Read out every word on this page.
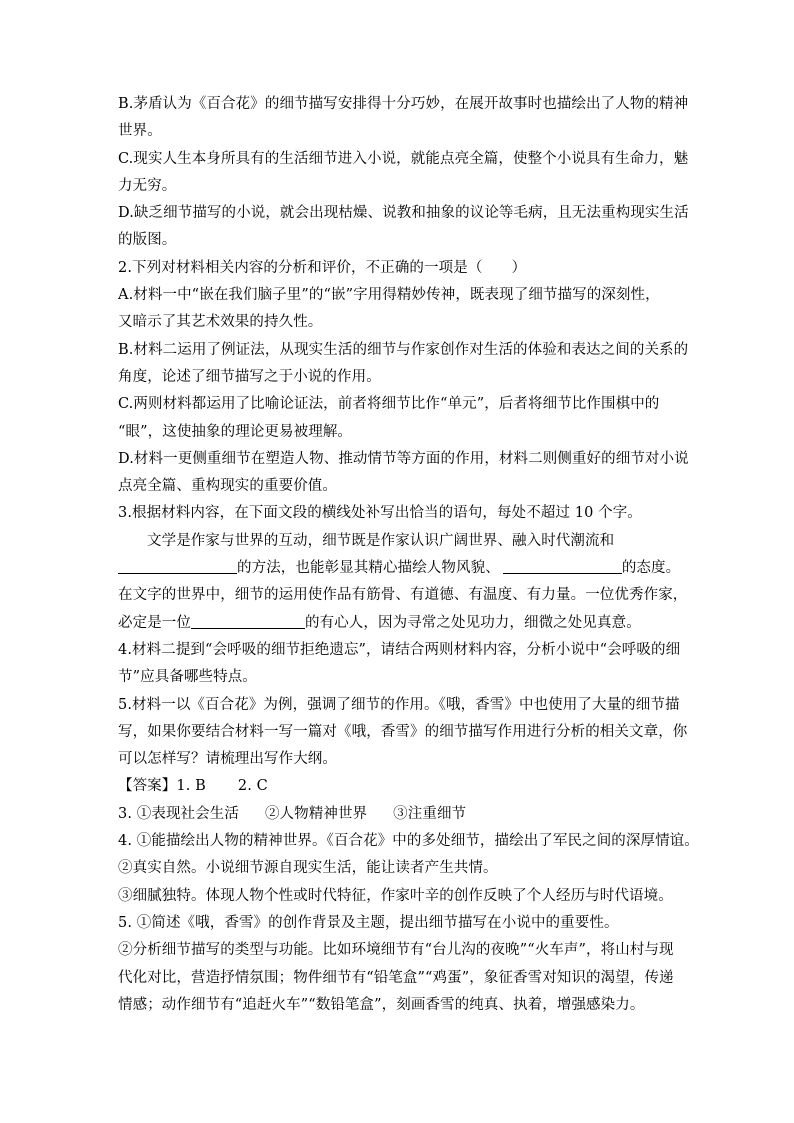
B.茅盾认为《百合花》的细节描写安排得十分巧妙，在展开故事时也描绘出了人物的精神
世界。
C.现实人生本身所具有的生活细节进入小说，就能点亮全篇，使整个小说具有生命力，魅
力无穷。
D.缺乏细节描写的小说，就会出现枯燥、说教和抽象的议论等毛病，且无法重构现实生活
的版图。
2.下列对材料相关内容的分析和评价，不正确的一项是（　　）
A.材料一中“嵌在我们脑子里”的“嵌”字用得精妙传神，既表现了细节描写的深刻性，
又暗示了其艺术效果的持久性。
B.材料二运用了例证法，从现实生活的细节与作家创作对生活的体验和表达之间的关系的
角度，论述了细节描写之于小说的作用。
C.两则材料都运用了比喻论证法，前者将细节比作“单元”，后者将细节比作围棋中的
“眼”，这使抽象的理论更易被理解。
D.材料一更侧重细节在塑造人物、推动情节等方面的作用，材料二则侧重好的细节对小说
点亮全篇、重构现实的重要价值。
3.根据材料内容，在下面文段的横线处补写出恰当的语句，每处不超过 10 个字。
文学是作家与世界的互动，细节既是作家认识广阔世界、融入时代潮流和
的方法，也能彰显其精心描绘人物风貌、	的态度。
在文字的世界中，细节的运用使作品有筋骨、有道德、有温度、有力量。一位优秀作家，
必定是一位	的有心人，因为寻常之处见功力，细微之处见真意。
4.材料二提到“会呼吸的细节拒绝遗忘”，请结合两则材料内容，分析小说中“会呼吸的细
节”应具备哪些特点。
5.材料一以《百合花》为例，强调了细节的作用。《哦，香雪》中也使用了大量的细节描
写，如果你要结合材料一写一篇对《哦，香雪》的细节描写作用进行分析的相关文章，你
可以怎样写？请梳理出写作大纲。
【答案】1. B 2. C
3. ①表现社会生活 ②人物精神世界 ③注重细节
4. ①能描绘出人物的精神世界。《百合花》中的多处细节，描绘出了军民之间的深厚情谊。
②真实自然。小说细节源自现实生活，能让读者产生共情。
③细腻独特。体现人物个性或时代特征，作家叶辛的创作反映了个人经历与时代语境。
5. ①简述《哦，香雪》的创作背景及主题，提出细节描写在小说中的重要性。
②分析细节描写的类型与功能。比如环境细节有“台儿沟的夜晚”“火车声”，将山村与现
代化对比，营造抒情氛围；物件细节有“铅笔盒”“鸡蛋”，象征香雪对知识的渴望，传递
情感；动作细节有“追赶火车”“数铅笔盒”，刻画香雪的纯真、执着，增强感染力。
